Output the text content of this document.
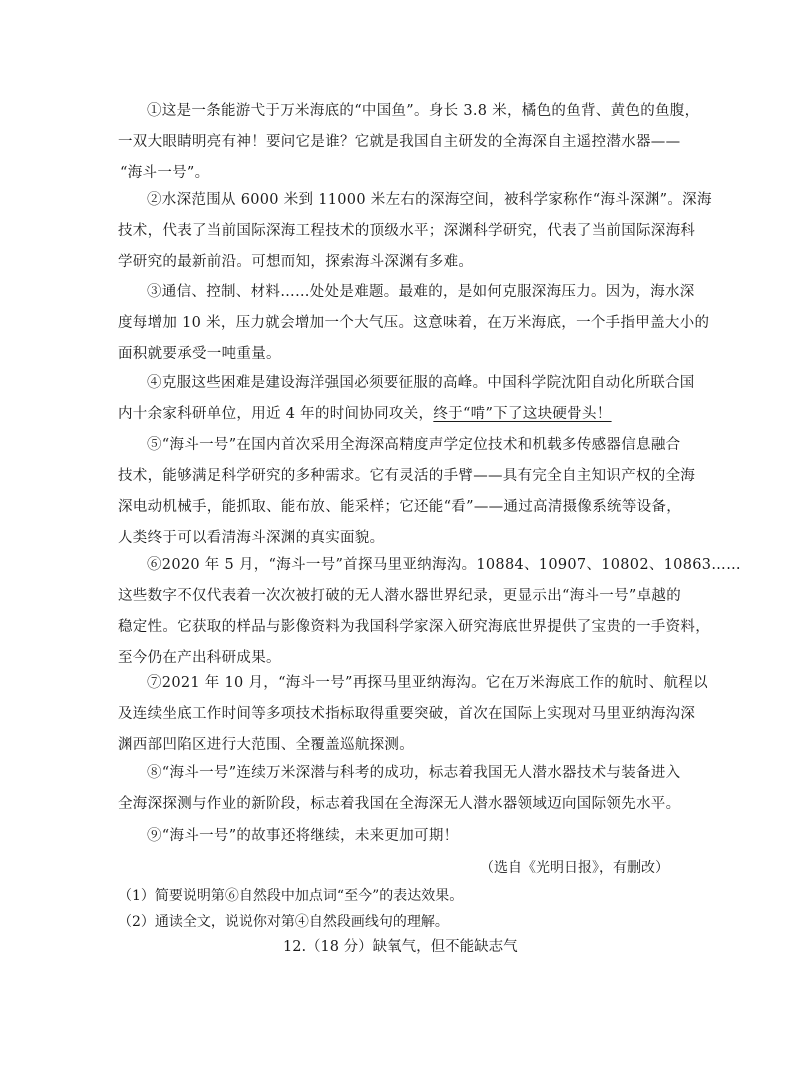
①这是一条能游弋于万米海底的“中国鱼”。身长 3.8 米，橘色的鱼背、黄色的鱼腹，
一双大眼睛明亮有神！要问它是谁？它就是我国自主研发的全海深自主遥控潜水器——
“海斗一号”。
②水深范围从 6000 米到 11000 米左右的深海空间，被科学家称作“海斗深渊”。深海
技术，代表了当前国际深海工程技术的顶级水平；深渊科学研究，代表了当前国际深海科
学研究的最新前沿。可想而知，探索海斗深渊有多难。
③通信、控制、材料……处处是难题。最难的，是如何克服深海压力。因为，海水深
度每增加 10 米，压力就会增加一个大气压。这意味着，在万米海底，一个手指甲盖大小的
面积就要承受一吨重量。
④克服这些困难是建设海洋强国必须要征服的高峰。中国科学院沈阳自动化所联合国
内十余家科研单位，用近 4 年的时间协同攻关，终于“啃”下了这块硬骨头！
⑤“海斗一号”在国内首次采用全海深高精度声学定位技术和机载多传感器信息融合
技术，能够满足科学研究的多种需求。它有灵活的手臂——具有完全自主知识产权的全海
深电动机械手，能抓取、能布放、能采样；它还能“看”——通过高清摄像系统等设备，
人类终于可以看清海斗深渊的真实面貌。
⑥2020 年 5 月，“海斗一号”首探马里亚纳海沟。10884、10907、10802、10863……
这些数字不仅代表着一次次被打破的无人潜水器世界纪录，更显示出“海斗一号”卓越的
稳定性。它获取的样品与影像资料为我国科学家深入研究海底世界提供了宝贵的一手资料，
至今仍在产出科研成果。
⑦2021 年 10 月，“海斗一号”再探马里亚纳海沟。它在万米海底工作的航时、航程以
及连续坐底工作时间等多项技术指标取得重要突破，首次在国际上实现对马里亚纳海沟深
渊西部凹陷区进行大范围、全覆盖巡航探测。
⑧“海斗一号”连续万米深潜与科考的成功，标志着我国无人潜水器技术与装备进入
全海深探测与作业的新阶段，标志着我国在全海深无人潜水器领域迈向国际领先水平。
⑨“海斗一号”的故事还将继续，未来更加可期！
（选自《光明日报》，有删改）
（1）简要说明第⑥自然段中加点词“至今”的表达效果。
（2）通读全文，说说你对第④自然段画线句的理解。
12.（18 分）缺氧气，但不能缺志气
